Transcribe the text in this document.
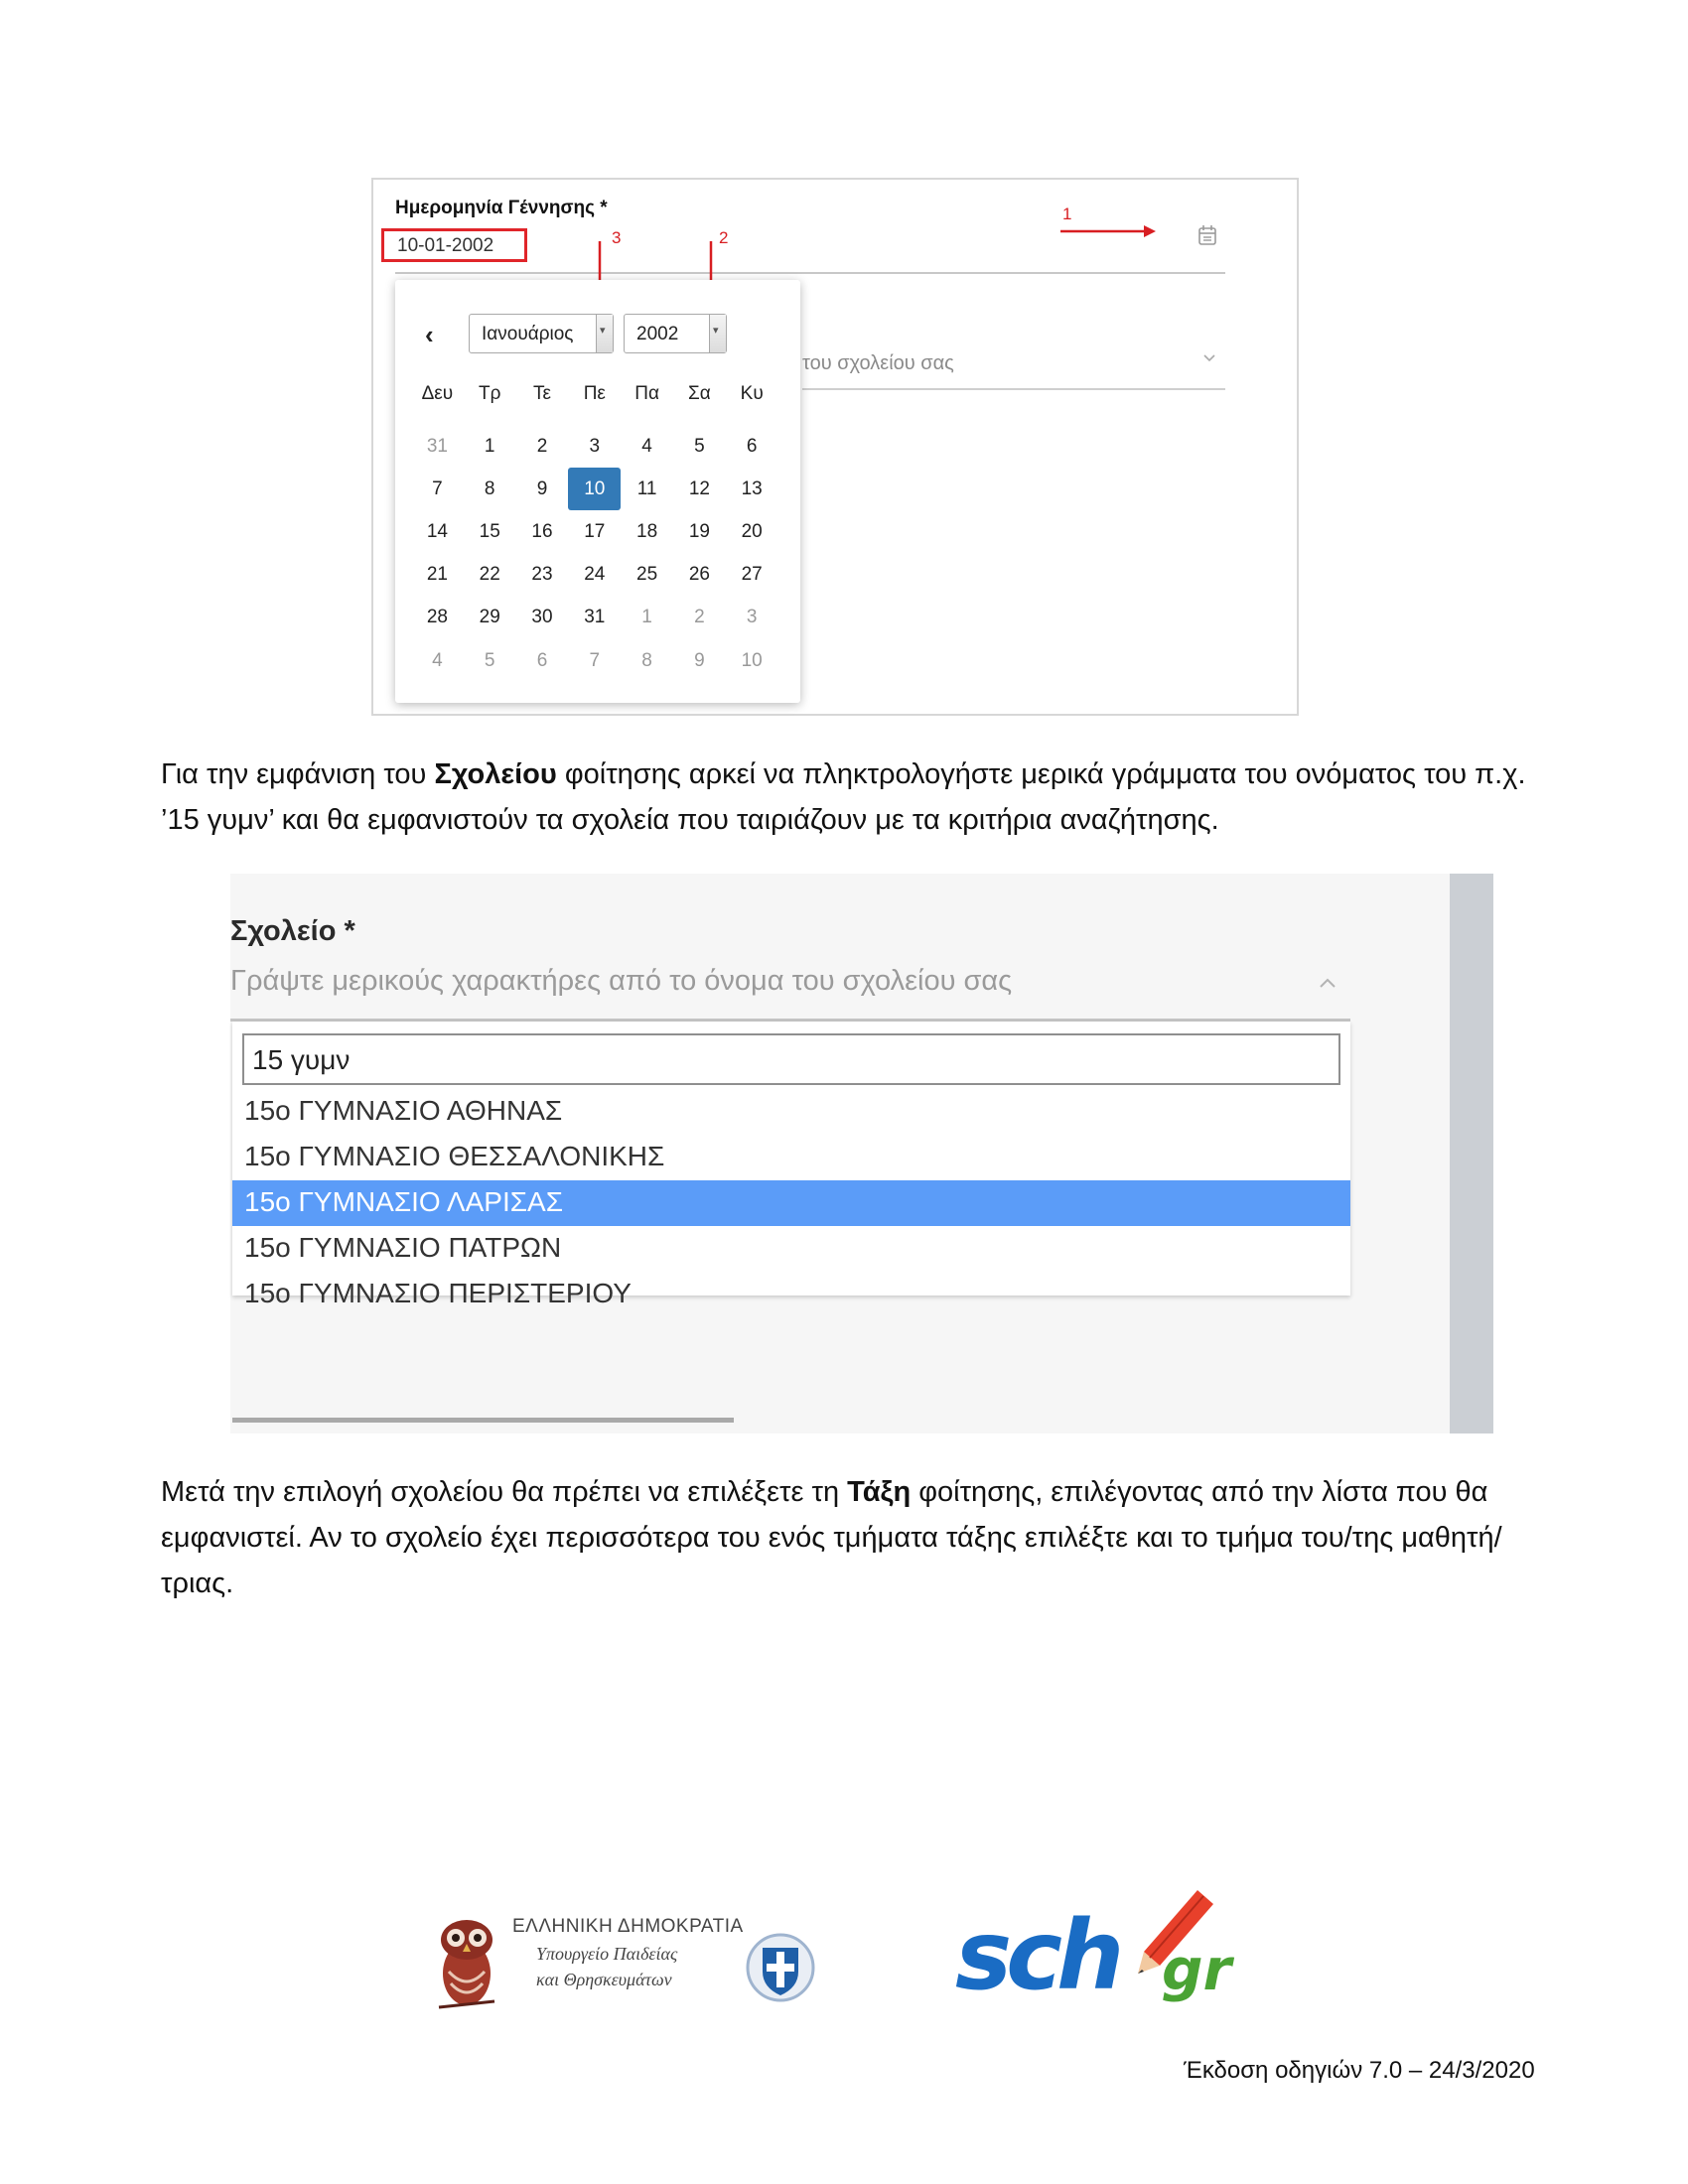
Ημερομηνία Γέννησης *
10-01-2002
1
3	2
του σχολείου σας
‹	Ιανουάριος ▾ 2002	▾
Δευ	Τρ	Τε	Πε	Πα	Σα	Κυ
31	1	2	3	4	5	6
7	8	9	10	11	12	13
14	15	16	17	18	19	20
21	22	23	24	25	26	27
28	29	30	31	1	2	3
4	5	6	7	8	9	10
Για την εμφάνιση του Σχολείου φοίτησης αρκεί να πληκτρολογήστε μερικά γράμματα του ονόματος του π.χ. ’15 γυμν’ και θα εμφανιστούν τα σχολεία που ταιριάζουν με τα κριτήρια αναζήτησης.
Σχολείο *
Γράψτε μερικούς χαρακτήρες από το όνομα του σχολείου σας
15 γυμν
15ο ΓΥΜΝΑΣΙΟ ΑΘΗΝΑΣ
15ο ΓΥΜΝΑΣΙΟ ΘΕΣΣΑΛΟΝΙΚΗΣ
15ο ΓΥΜΝΑΣΙΟ ΛΑΡΙΣΑΣ
15ο ΓΥΜΝΑΣΙΟ ΠΑΤΡΩΝ
15ο ΓΥΜΝΑΣΙΟ ΠΕΡΙΣΤΕΡΙΟΥ
Μετά την επιλογή σχολείου θα πρέπει να επιλέξετε τη Τάξη φοίτησης, επιλέγοντας από την λίστα που θα εμφανιστεί. Αν το σχολείο έχει περισσότερα του ενός τμήματα τάξης επιλέξτε και το τμήμα του/της μαθητή/τριας.
ΕΛΛΗΝΙΚΗ ΔΗΜΟΚΡΑΤΙΑ
Υπουργείο Παιδείας
και Θρησκευμάτων	sch gr
Έκδοση οδηγιών 7.0 – 24/3/2020
